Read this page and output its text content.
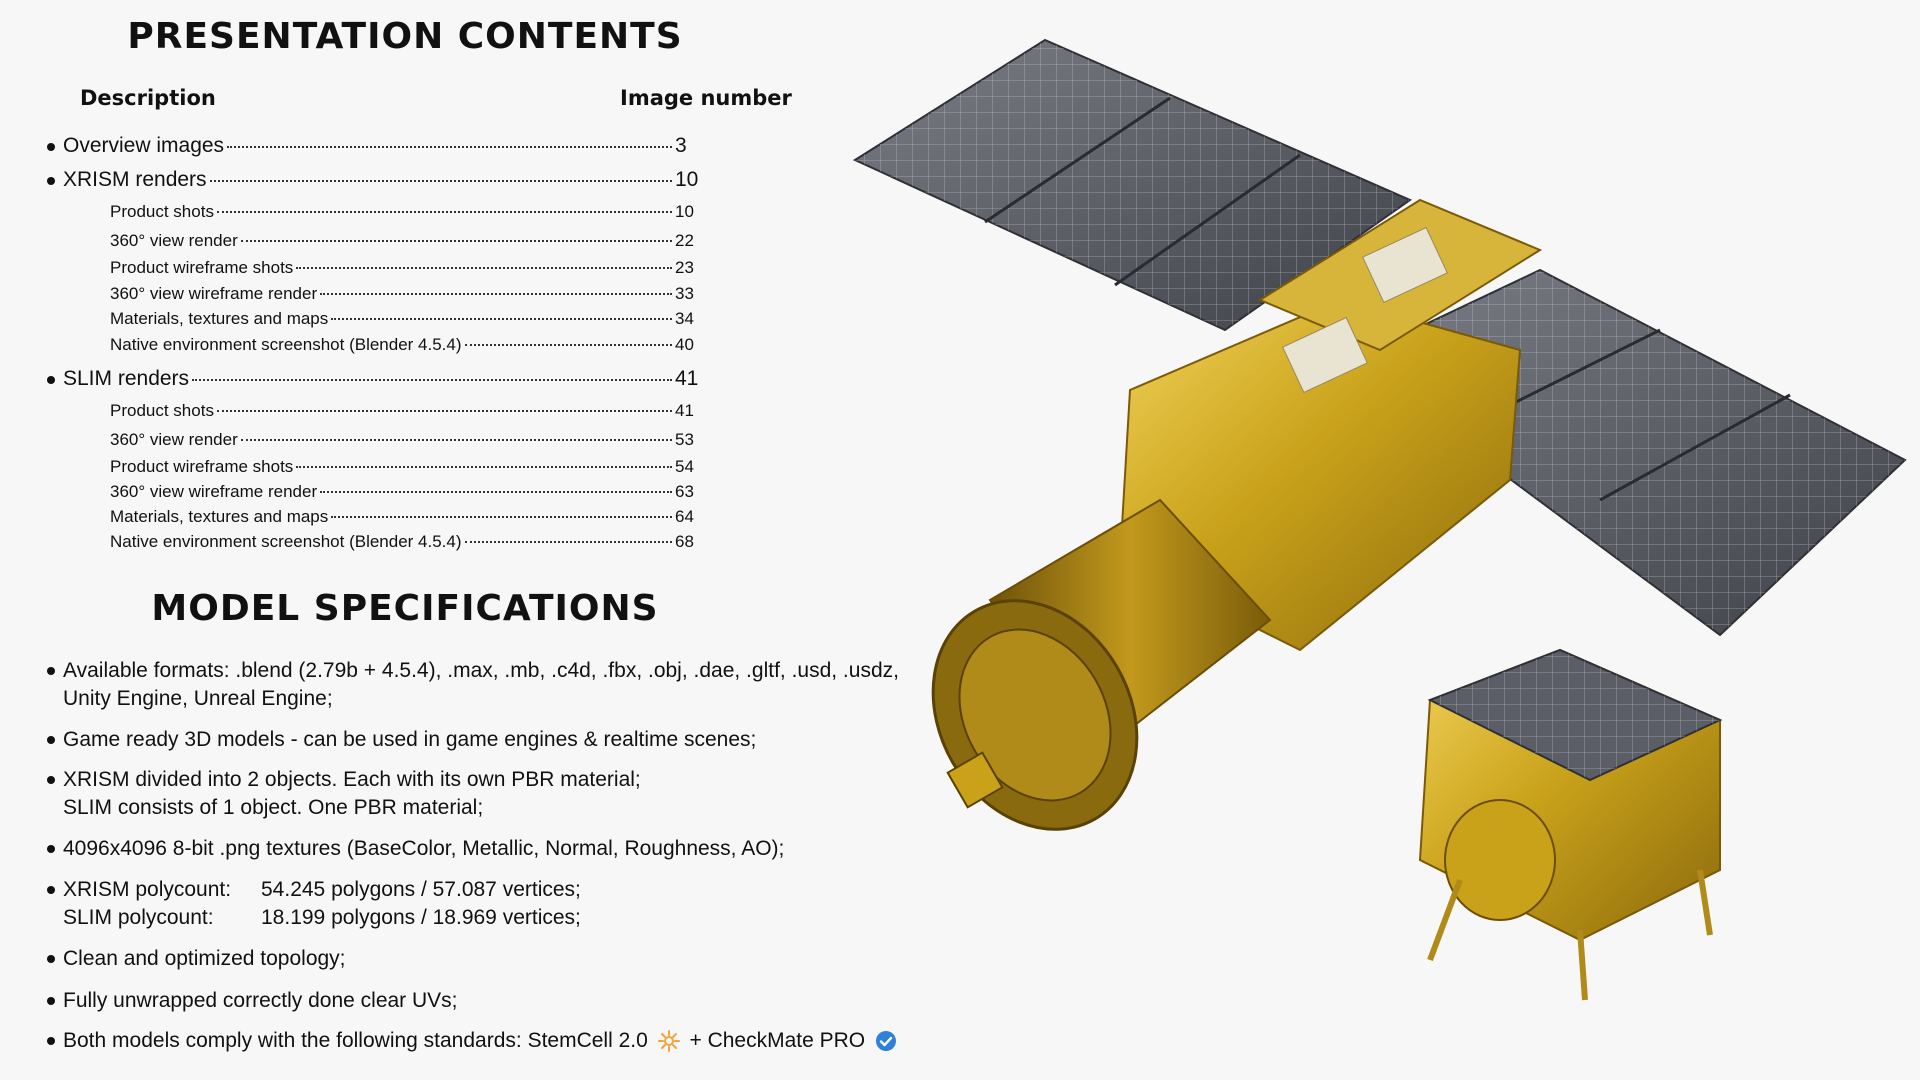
PRESENTATION CONTENTS
Description	Image number
Overview images	3
XRISM renders	10
Product shots	10
360° view render	22
Product wireframe shots	23
360° view wireframe render	33
Materials, textures and maps	34
Native environment screenshot (Blender 4.5.4)	40
SLIM renders	41
Product shots	41
360° view render	53
Product wireframe shots	54
360° view wireframe render	63
Materials, textures and maps	64
Native environment screenshot (Blender 4.5.4)	68
MODEL SPECIFICATIONS
Available formats: .blend (2.79b + 4.5.4), .max, .mb, .c4d, .fbx, .obj, .dae, .gltf, .usd, .usdz,
Unity Engine, Unreal Engine;
Game ready 3D models - can be used in game engines & realtime scenes;
XRISM divided into 2 objects. Each with its own PBR material;
SLIM consists of 1 object. One PBR material;
4096x4096 8-bit .png textures (BaseColor, Metallic, Normal, Roughness, AO);
XRISM polycount:	54.245 polygons / 57.087 vertices;
SLIM polycount:	18.199 polygons / 18.969 vertices;
Clean and optimized topology;
Fully unwrapped correctly done clear UVs;
Both models comply with the following standards: StemCell 2.0 + CheckMate PRO
